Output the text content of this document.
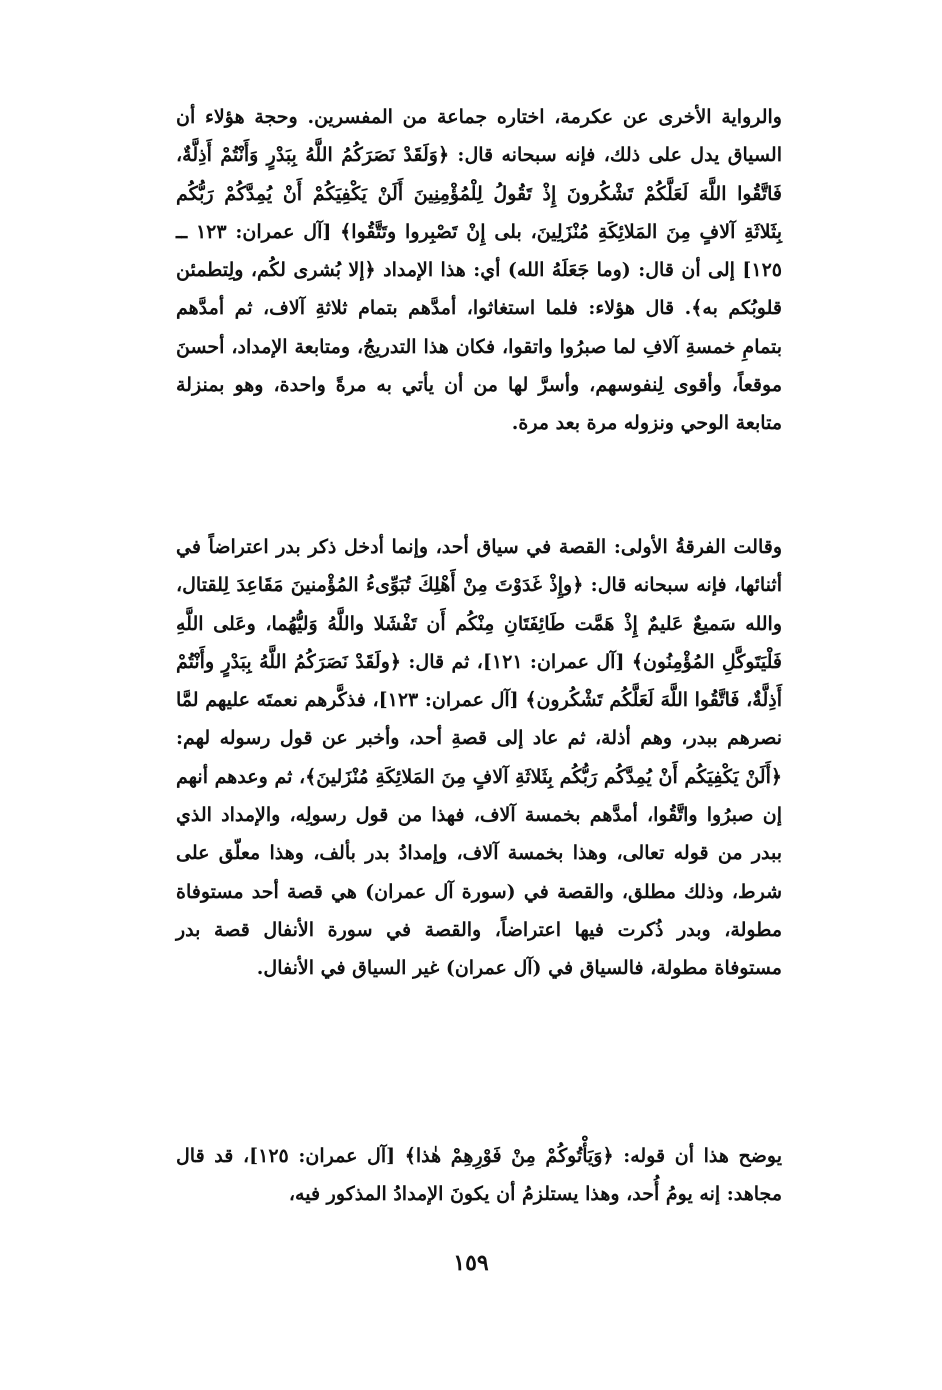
والرواية الأخرى عن عكرمة، اختاره جماعة من المفسرين. وحجة هؤلاء أن السياق يدل على ذلك، فإنه سبحانه قال: ﴿وَلَقَدْ نَصَرَكُمُ اللَّهُ بِبَدْرٍ وَأَنْتُمْ أَذِلَّةٌ، فَاتَّقُوا اللَّهَ لَعَلَّكُمْ تَشْكُرونَ إِذْ تَقُولُ لِلْمُؤْمِنِينَ أَلَنْ يَكْفِيَكُمْ أَنْ يُمِدَّكُمْ رَبُّكُم بِثَلاثَةِ آلافٍ مِنَ المَلائِكَةِ مُنْزَلِينَ، بلى إِنْ تَصْبِروا وتَتَّقُوا﴾ [آل عمران: ١٢٣ ــ ١٢٥] إلى أن قال: (وما جَعَلَهُ الله) أي: هذا الإمداد ﴿إلا بُشرى لكُم، ولِتطمئن قلوبُكم به﴾. قال هؤلاء: فلما استغاثوا، أمدَّهم بتمام ثلاثةِ آلاف، ثم أمدَّهم بتمامِ خمسةِ آلافِ لما صبرُوا واتقوا، فكان هذا التدريجُ، ومتابعة الإمداد، أحسنَ موقعاً، وأقوى لِنفوسهم، وأسرَّ لها من أن يأتي به مرةً واحدة، وهو بمنزلة متابعة الوحي ونزوله مرة بعد مرة.

وقالت الفرقةُ الأولى: القصة في سياق أحد، وإنما أدخل ذكر بدر اعتراضاً في أثنائها، فإنه سبحانه قال: ﴿وإِذْ غَدَوْتَ مِنْ أَهْلِكَ تُبَوِّىءُ المُؤْمنينَ مَقَاعِدَ لِلقتال، والله سَميعٌ عَليمٌ إِذْ هَمَّت طَائِفَتَانِ مِنْكُم أَن تَفْشَلا واللَّهُ وَليُّهُما، وعَلى اللَّهِ فَلْيَتَوكَّلِ المُؤْمِنُون﴾ [آل عمران: ١٢١]، ثم قال: ﴿ولَقَدْ نَصَرَكُمُ اللَّهُ بِبَدْرٍ وأَنْتُمْ أَذِلَّةٌ، فَاتَّقُوا اللَّهَ لَعَلَّكُم تَشْكُرون﴾ [آل عمران: ١٢٣]، فذكَّرهم نعمتَه عليهم لمَّا نصرهم ببدر، وهم أذلة، ثم عاد إلى قصةِ أحد، وأخبر عن قول رسوله لهم: ﴿أَلَنْ يَكْفِيَكُم أَنْ يُمِدَّكُم رَبُّكُم بِثَلاثَةِ آلافٍ مِنَ المَلائِكَةِ مُنْزَلينَ﴾، ثم وعدهم أنهم إن صبرُوا واتَّقُوا، أمدَّهم بخمسة آلاف، فهذا من قول رسولِه، والإمداد الذي ببدر من قوله تعالى، وهذا بخمسة آلاف، وإمدادُ بدر بألف، وهذا معلّق على شرط، وذلك مطلق، والقصة في (سورة آل عمران) هي قصة أحد مستوفاة مطولة، وبدر ذُكرت فيها اعتراضاً، والقصة في سورة الأنفال قصة بدر مستوفاة مطولة، فالسياق في (آل عمران) غير السياق في الأنفال.

يوضح هذا أن قوله: ﴿وَيَأْتُوكُمْ مِنْ فَوْرِهِمْ هٰذا﴾ [آل عمران: ١٢٥]، قد قال مجاهد: إنه يومُ أُحد، وهذا يستلزمُ أن يكونَ الإمدادُ المذكور فيه،

١٥٩
